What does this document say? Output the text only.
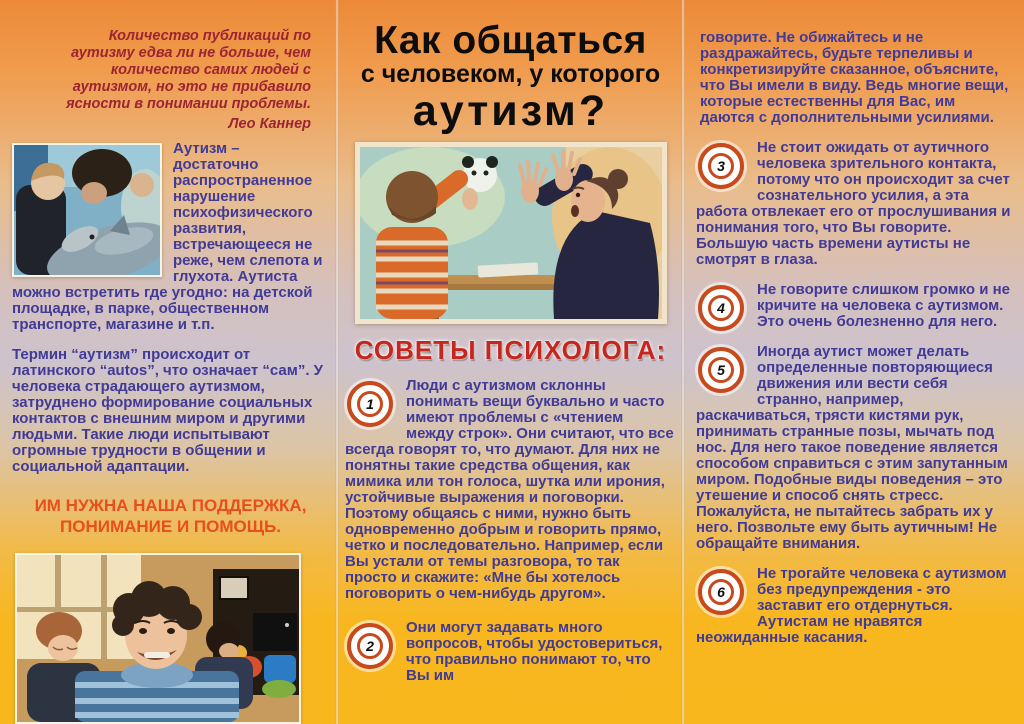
Количество публикаций по аутизму едва ли не больше, чем количество самих людей с аутизмом, но это не прибавило ясности в понимании проблемы.
Лео Каннер

Аутизм – достаточно распространенное нарушение психофизического развития, встречающееся не реже, чем слепота и глухота. Аутиста можно встретить где угодно: на детской площадке, в парке, общественном транспорте, магазине и т.п.

Термин “аутизм” происходит от латинского “autos”, что означает “сам”. У человека страдающего аутизмом, затруднено формирование социальных контактов с внешним миром и другими людьми. Такие люди испытывают огромные трудности в общении и социальной адаптации.

ИМ НУЖНА НАША ПОДДЕРЖКА, ПОНИМАНИЕ И ПОМОЩЬ.
Как общаться
с человеком, у которого
аутизм?
СОВЕТЫ ПСИХОЛОГА:
1
Люди с аутизмом склонны понимать вещи буквально и часто имеют проблемы с «чтением между строк». Они считают, что все всегда говорят то, что думают. Для них не понятны такие средства общения, как мимика или тон голоса, шутка или ирония, устойчивые выражения и поговорки. Поэтому общаясь с ними, нужно быть одновременно добрым и говорить прямо, четко и последовательно. Например, если Вы устали от темы разговора, то так просто и скажите: «Мне бы хотелось поговорить о чем-нибудь другом».
2
Они могут задавать много вопросов, чтобы удостовериться, что правильно понимают то, что Вы им

говорите. Не обижайтесь и не раздражайтесь, будьте терпеливы и конкретизируйте сказанное, объясните, что Вы имели в виду. Ведь многие вещи, которые естественны для Вас, им даются с дополнительными усилиями.

3
Не стоит ожидать от аутичного человека зрительного контакта, потому что он происходит за счет сознательного усилия, а эта работа отвлекает его от прослушивания и понимания того, что Вы говорите. Большую часть времени аутисты не смотрят в глаза.
4
Не говорите слишком громко и не кричите на человека с аутизмом. Это очень болезненно для него.
5
Иногда аутист может делать определенные повторяющиеся движения или вести себя странно, например, раскачиваться, трясти кистями рук, принимать странные позы, мычать под нос. Для него такое поведение является способом справиться с этим запутанным миром. Подобные виды поведения – это утешение и способ снять стресс. Пожалуйста, не пытайтесь забрать их у него. Позвольте ему быть аутичным! Не обращайте внимания.
6
Не трогайте человека с аутизмом без предупреждения - это заставит его отдернуться. Аутистам не нравятся неожиданные касания.
